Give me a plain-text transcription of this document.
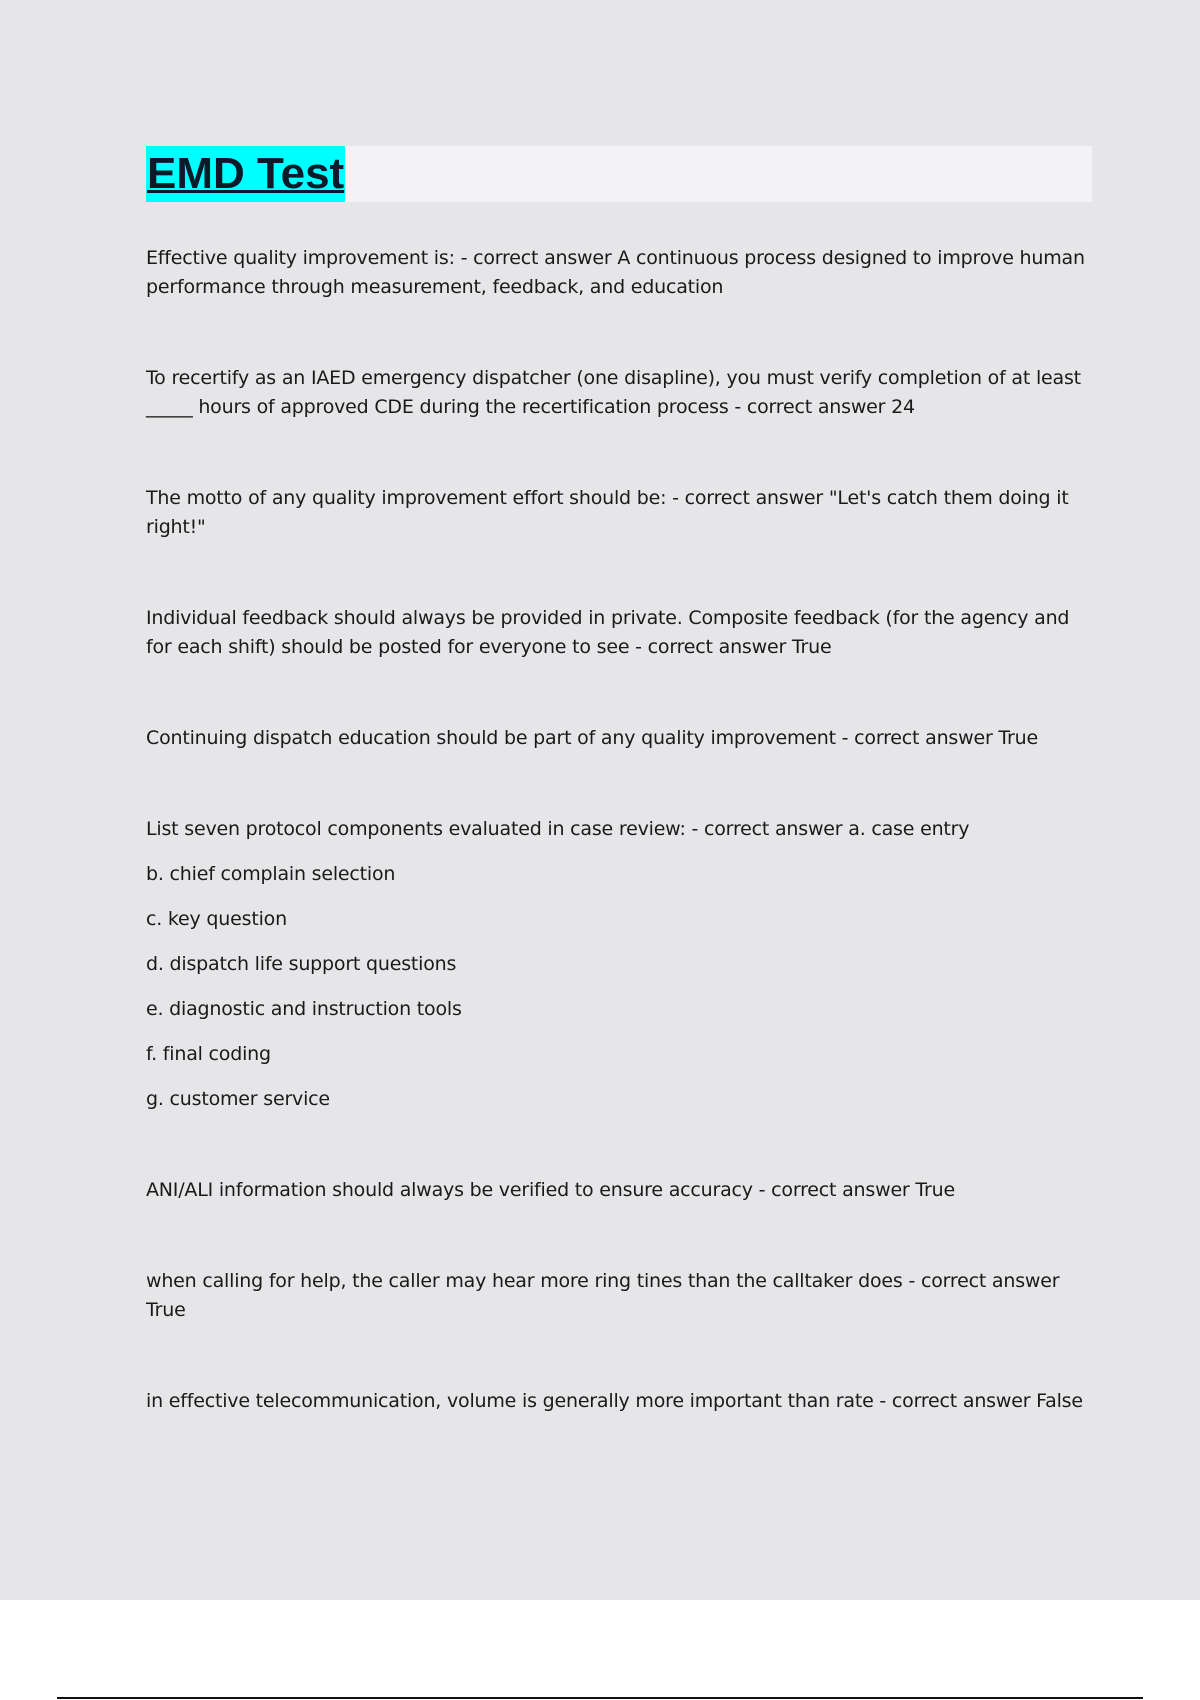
EMD Test

Effective quality improvement is: - correct answer A continuous process designed to improve human performance through measurement, feedback, and education

To recertify as an IAED emergency dispatcher (one disapline), you must verify completion of at least _____ hours of approved CDE during the recertification process - correct answer 24

The motto of any quality improvement effort should be: - correct answer "Let's catch them doing it right!"

Individual feedback should always be provided in private. Composite feedback (for the agency and for each shift) should be posted for everyone to see - correct answer True

Continuing dispatch education should be part of any quality improvement - correct answer True

List seven protocol components evaluated in case review: - correct answer a. case entry

b. chief complain selection
c. key question
d. dispatch life support questions
e. diagnostic and instruction tools
f. final coding
g. customer service

ANI/ALI information should always be verified to ensure accuracy - correct answer True

when calling for help, the caller may hear more ring tines than the calltaker does - correct answer True

in effective telecommunication, volume is generally more important than rate - correct answer False
